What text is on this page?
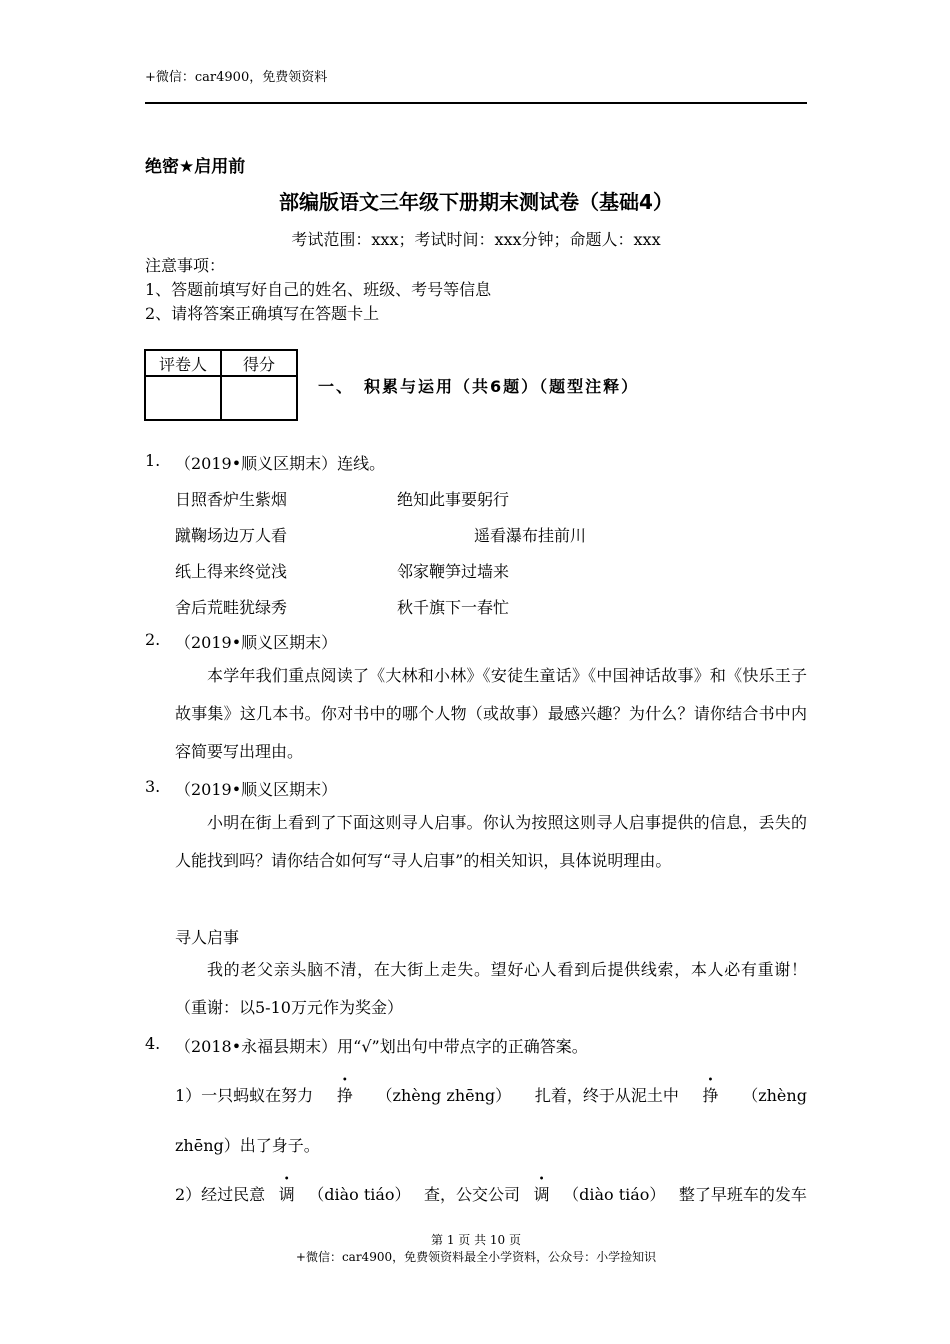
+微信：car4900，免费领资料
绝密★启用前
部编版语文三年级下册期末测试卷（基础4）
考试范围：xxx；考试时间：xxx分钟；命题人：xxx
注意事项：
1、答题前填写好自己的姓名、班级、考号等信息
2、请将答案正确填写在答题卡上
评卷人	得分

一、　积累与运用（共6题）（题型注释）
1. （2019•顺义区期末）连线。
日照香炉生紫烟	绝知此事要躬行
蹴鞠场边万人看	遥看瀑布挂前川
纸上得来终觉浅	邻家鞭笋过墙来
舍后荒畦犹绿秀	秋千旗下一春忙
2. （2019•顺义区期末）
本学年我们重点阅读了《大林和小林》《安徒生童话》《中国神话故事》和《快乐王子故事集》这几本书。你对书中的哪个人物（或故事）最感兴趣？为什么？请你结合书中内容简要写出理由。
3. （2019•顺义区期末）
小明在街上看到了下面这则寻人启事。你认为按照这则寻人启事提供的信息，丢失的人能找到吗？请你结合如何写“寻人启事”的相关知识，具体说明理由。
寻人启事
我的老父亲头脑不清，在大街上走失。望好心人看到后提供线索，本人必有重谢！（重谢：以5-10万元作为奖金）
4. （2018•永福县期末）用“√”划出句中带点字的正确答案。
1）一只蚂蚁在努力
•
挣 （zhèng zhēng） 扎着，终于从泥土中
•
挣 （zhèng
zhēng）出了身子。
2）经过民意
•
调 （diào tiáo） 查，公交公司
•
调 （diào tiáo） 整了早班车的发车
第 1 页 共 10 页
+微信：car4900，免费领资料最全小学资料，公众号：小学捡知识
